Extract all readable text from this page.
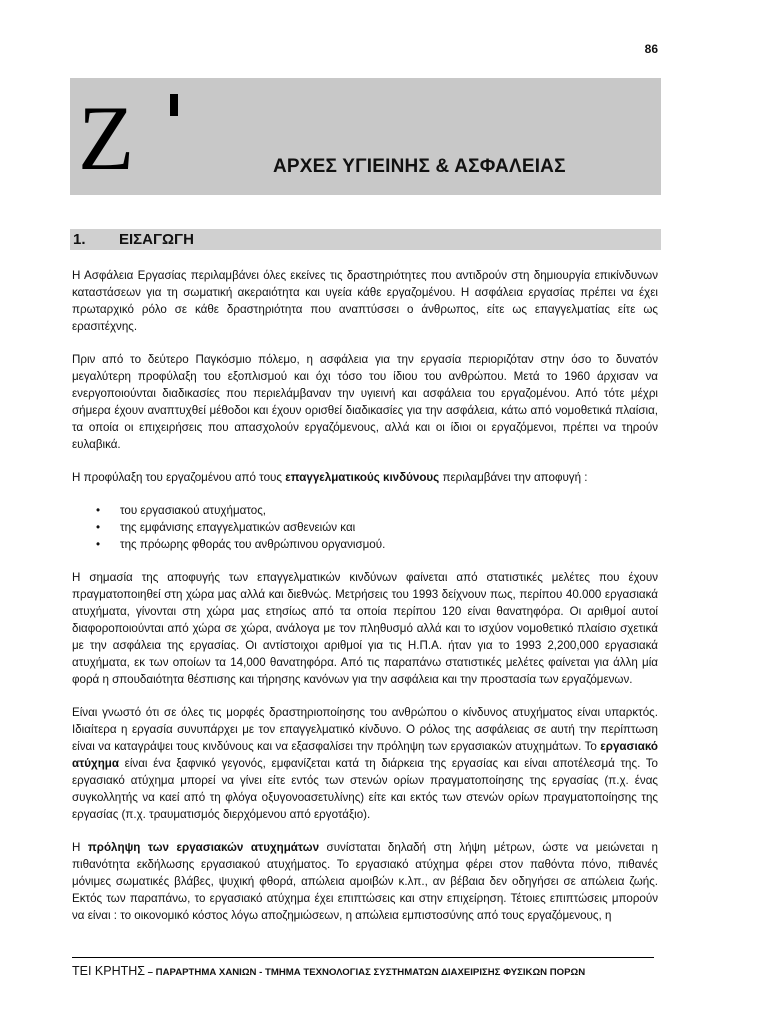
86
Ζ	ΑΡΧΕΣ ΥΓΙΕΙΝΗΣ & ΑΣΦΑΛΕΙΑΣ
1. ΕΙΣΑΓΩΓΗ

Η Ασφάλεια Εργασίας περιλαμβάνει όλες εκείνες τις δραστηριότητες που αντιδρούν στη δημιουργία επικίνδυνων καταστάσεων για τη σωματική ακεραιότητα και υγεία κάθε εργαζομένου. Η ασφάλεια εργασίας πρέπει να έχει πρωταρχικό ρόλο σε κάθε δραστηριότητα που αναπτύσσει ο άνθρωπος, είτε ως επαγγελματίας είτε ως ερασιτέχνης.

Πριν από το δεύτερο Παγκόσμιο πόλεμο, η ασφάλεια για την εργασία περιοριζόταν στην όσο το δυνατόν μεγαλύτερη προφύλαξη του εξοπλισμού και όχι τόσο του ίδιου του ανθρώπου. Μετά το 1960 άρχισαν να ενεργοποιούνται διαδικασίες που περιελάμβαναν την υγιεινή και ασφάλεια του εργαζομένου. Από τότε μέχρι σήμερα έχουν αναπτυχθεί μέθοδοι και έχουν ορισθεί διαδικασίες για την ασφάλεια, κάτω από νομοθετικά πλαίσια, τα οποία οι επιχειρήσεις που απασχολούν εργαζόμενους, αλλά και οι ίδιοι οι εργαζόμενοι, πρέπει να τηρούν ευλαβικά.

Η προφύλαξη του εργαζομένου από τους επαγγελματικούς κινδύνους περιλαμβάνει την αποφυγή :

• του εργασιακού ατυχήματος,
• της εμφάνισης επαγγελματικών ασθενειών και
• της πρόωρης φθοράς του ανθρώπινου οργανισμού.

Η σημασία της αποφυγής των επαγγελματικών κινδύνων φαίνεται από στατιστικές μελέτες που έχουν πραγματοποιηθεί στη χώρα μας αλλά και διεθνώς. Μετρήσεις του 1993 δείχνουν πως, περίπου 40.000 εργασιακά ατυχήματα, γίνονται στη χώρα μας ετησίως από τα οποία περίπου 120 είναι θανατηφόρα. Οι αριθμοί αυτοί διαφοροποιούνται από χώρα σε χώρα, ανάλογα με τον πληθυσμό αλλά και το ισχύον νομοθετικό πλαίσιο σχετικά με την ασφάλεια της εργασίας. Οι αντίστοιχοι αριθμοί για τις Η.Π.Α. ήταν για το 1993 2,200,000 εργασιακά ατυχήματα, εκ των οποίων τα 14,000 θανατηφόρα. Από τις παραπάνω στατιστικές μελέτες φαίνεται για άλλη μία φορά η σπουδαιότητα θέσπισης και τήρησης κανόνων για την ασφάλεια και την προστασία των εργαζόμενων.

Είναι γνωστό ότι σε όλες τις μορφές δραστηριοποίησης του ανθρώπου ο κίνδυνος ατυχήματος είναι υπαρκτός. Ιδιαίτερα η εργασία συνυπάρχει με τον επαγγελματικό κίνδυνο. Ο ρόλος της ασφάλειας σε αυτή την περίπτωση είναι να καταγράψει τους κινδύνους και να εξασφαλίσει την πρόληψη των εργασιακών ατυχημάτων. Το εργασιακό ατύχημα είναι ένα ξαφνικό γεγονός, εμφανίζεται κατά τη διάρκεια της εργασίας και είναι αποτέλεσμά της. Το εργασιακό ατύχημα μπορεί να γίνει είτε εντός των στενών ορίων πραγματοποίησης της εργασίας (π.χ. ένας συγκολλητής να καεί από τη φλόγα οξυγονοασετυλίνης) είτε και εκτός των στενών ορίων πραγματοποίησης της εργασίας (π.χ. τραυματισμός διερχόμενου από εργοτάξιο).

Η πρόληψη των εργασιακών ατυχημάτων συνίσταται δηλαδή στη λήψη μέτρων, ώστε να μειώνεται η πιθανότητα εκδήλωσης εργασιακού ατυχήματος. Το εργασιακό ατύχημα φέρει στον παθόντα πόνο, πιθανές μόνιμες σωματικές βλάβες, ψυχική φθορά, απώλεια αμοιβών κ.λπ., αν βέβαια δεν οδηγήσει σε απώλεια ζωής. Εκτός των παραπάνω, το εργασιακό ατύχημα έχει επιπτώσεις και στην επιχείρηση. Τέτοιες επιπτώσεις μπορούν να είναι : το οικονομικό κόστος λόγω αποζημιώσεων, η απώλεια εμπιστοσύνης από τους εργαζόμενους, η

ΤΕΙ ΚΡΗΤΗΣ – ΠΑΡΑΡΤΗΜΑ ΧΑΝΙΩΝ - ΤΜΗΜΑ ΤΕΧΝΟΛΟΓΙΑΣ ΣΥΣΤΗΜΑΤΩΝ ΔΙΑΧΕΙΡΙΣΗΣ ΦΥΣΙΚΩΝ ΠΟΡΩΝ
